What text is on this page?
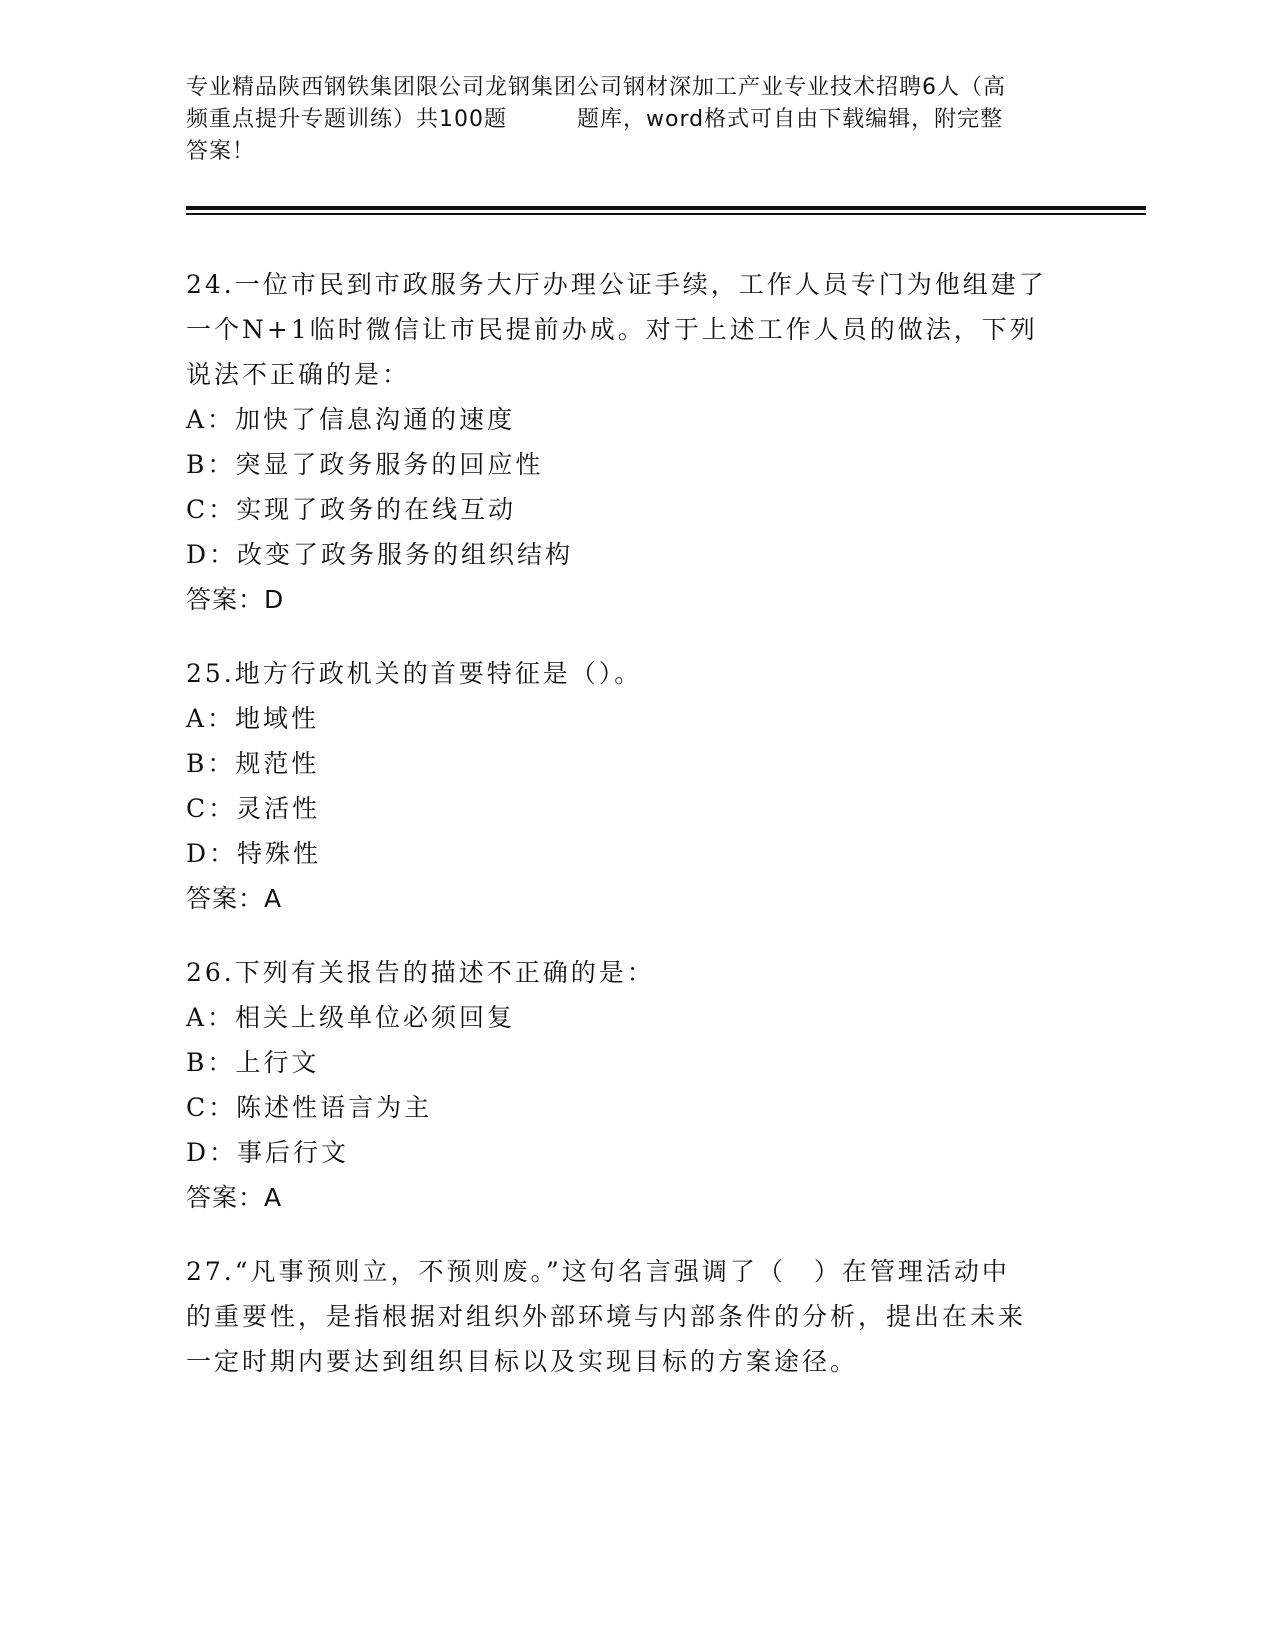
专业精品陕西钢铁集团限公司龙钢集团公司钢材深加工产业专业技术招聘6人（高
频重点提升专题训练）共100题	题库，word格式可自由下载编辑，附完整
答案！
24.一位市民到市政服务大厅办理公证手续，工作人员专门为他组建了
一个N+1临时微信让市民提前办成。对于上述工作人员的做法，下列
说法不正确的是：
A：加快了信息沟通的速度
B：突显了政务服务的回应性
C：实现了政务的在线互动
D：改变了政务服务的组织结构
答案：D
25.地方行政机关的首要特征是（）。
A：地域性
B：规范性
C：灵活性
D：特殊性
答案：A
26.下列有关报告的描述不正确的是：
A：相关上级单位必须回复
B：上行文
C：陈述性语言为主
D：事后行文
答案：A
27.“凡事预则立，不预则废。”这句名言强调了（　）在管理活动中
的重要性，是指根据对组织外部环境与内部条件的分析，提出在未来
一定时期内要达到组织目标以及实现目标的方案途径。
